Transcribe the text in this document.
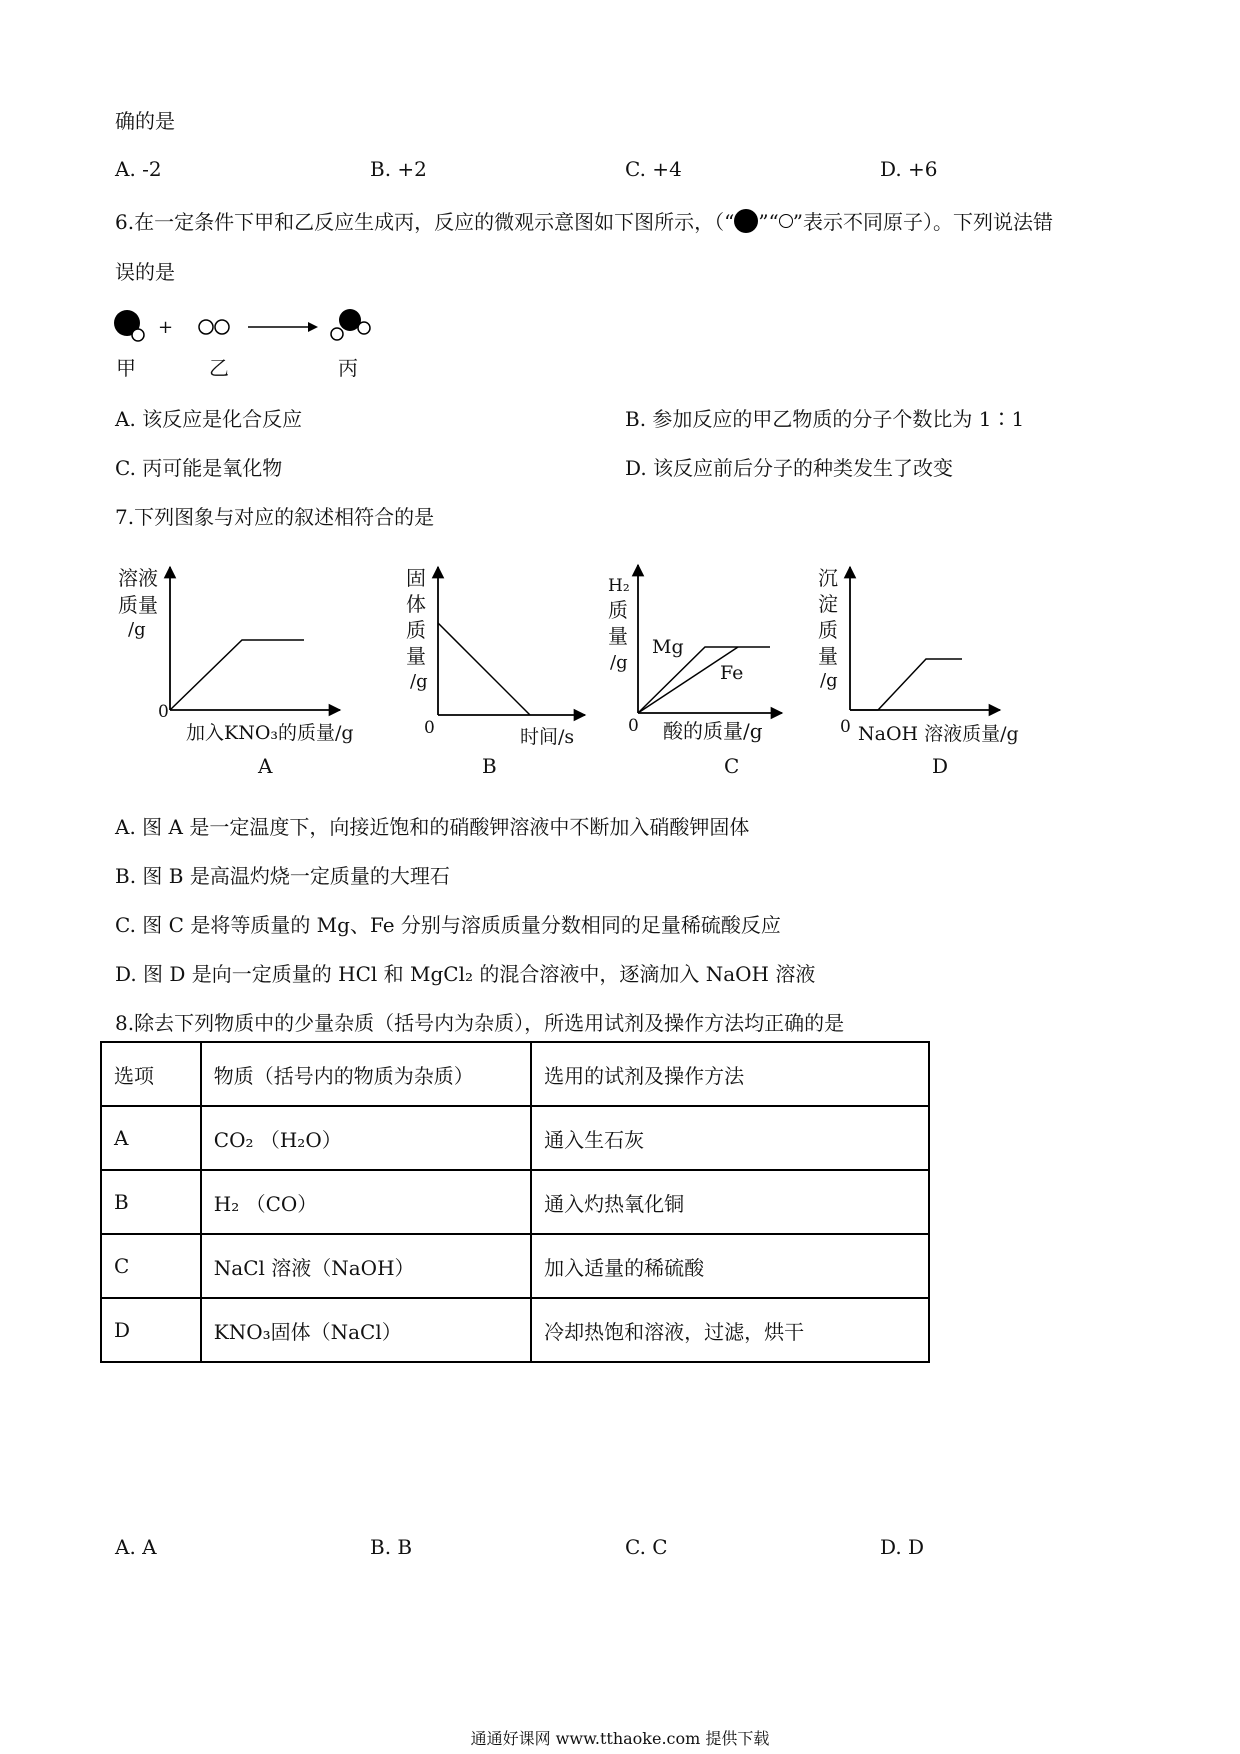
确的是
A. -2	B. +2	C. +4	D. +6
6.在一定条件下甲和乙反应生成丙，反应的微观示意图如下图所示，（“ ”“ ”表示不同原子）。下列说法错
误的是
+
甲	乙	丙
A. 该反应是化合反应	B. 参加反应的甲乙物质的分子个数比为 1∶1
C. 丙可能是氧化物	D. 该反应前后分子的种类发生了改变
7.下列图象与对应的叙述相符合的是
溶液
质量
/g
0
加入KNO₃的质量/g
A
固
体
质
量
/g
0	时间/s
B
H₂
质
量
/g
Mg
Fe
0 酸的质量/g
C
沉
淀
质
量
/g
0 NaOH 溶液质量/g
D
A. 图 A 是一定温度下，向接近饱和的硝酸钾溶液中不断加入硝酸钾固体
B. 图 B 是高温灼烧一定质量的大理石
C. 图 C 是将等质量的 Mg、Fe 分别与溶质质量分数相同的足量稀硫酸反应
D. 图 D 是向一定质量的 HCl 和 MgCl₂ 的混合溶液中，逐滴加入 NaOH 溶液
8.除去下列物质中的少量杂质（括号内为杂质），所选用试剂及操作方法均正确的是
选项	物质（括号内的物质为杂质）	选用的试剂及操作方法
A	CO₂ （H₂O）	通入生石灰
B	H₂ （CO）	通入灼热氧化铜
C	NaCl 溶液（NaOH）	加入适量的稀硫酸
D	KNO₃固体（NaCl）	冷却热饱和溶液，过滤，烘干
A. A	B. B	C. C	D. D
通通好课网 www.tthaoke.com 提供下载
